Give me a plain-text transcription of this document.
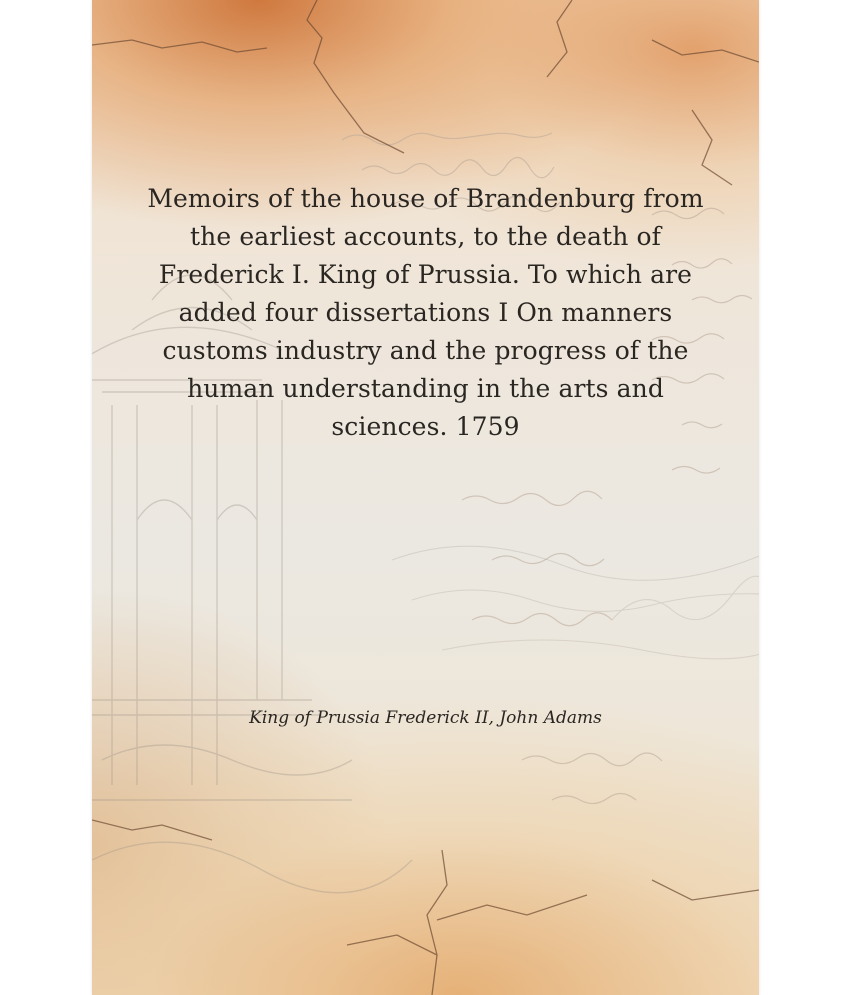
Memoirs of the house of Brandenburg from the earliest accounts, to the death of Frederick I. King of Prussia. To which are added four dissertations I On manners customs industry and the progress of the human understanding in the arts and sciences. 1759
King of Prussia Frederick II, John Adams
